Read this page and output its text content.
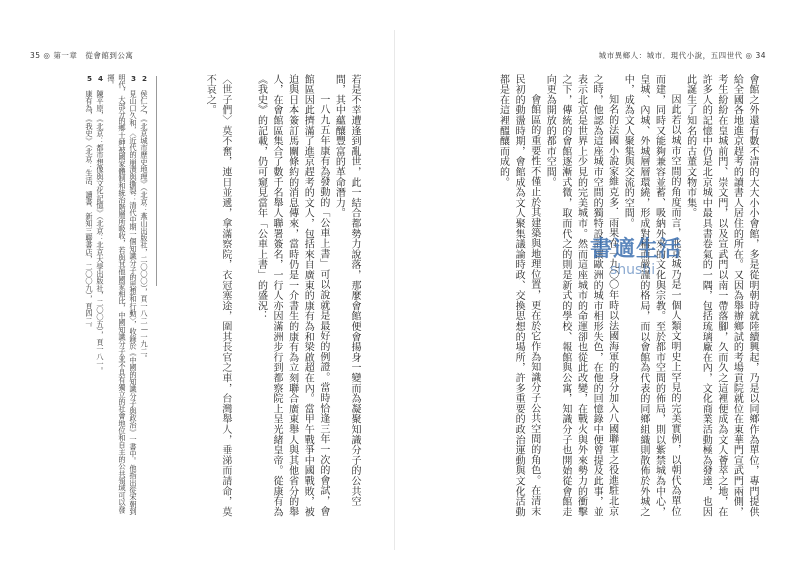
35 ◎ 第一章　從會館到公寓

若是不幸遭逢到亂世，此一結合都勢力說落，那麼會館便會揚身一變而為凝聚知識分子的公共空間，其中蘊釀豐富的革命潛力。

一八九五年康有為發動的「公車上書」可以說就是最好的例證。當時恰逢三年一次的會試，會館區因此擠滿了進京趕考的文人，包括來自廣東的康有為和梁啟超在內。當甲午戰爭中國戰敗，被迫與日本簽訂馬關條約的消息傳來，當時仍是一介書生的康有為立刻聯合廣東舉人與其他省分的舉人，在會館區集合了數千名舉人聯署簽名，一行人亦因滿洲步行到都察院上呈光緒皇帝。從康有為《我史》的記載，仍可窺見當年「公車上書」的盛況：

〈世子們〉莫不奮，連日並遞，拿滿察院，衣冠塞途，圍其長官之車，台灣舉人，垂涕而請命，莫不哀之。

2　侯仁之，《北京城市歷史地理》（北京：燕山出版社，二〇〇〇），頁一八二—一九二。

3　見山口久和，〈近代的崩潰與撕裂：清代中期一個知識分子的思想和行動〉，收錄於《中國的知識分子與政治》一書中。他指出從宋朝到明代，大部分的鄉士紳被國家體制和統治階層所吸收，若與其他國家相比，中國知識分子並不具有獨立的社會地位和自主的公共領域可以發揮。

4　陳平原，《北京：都市想像與文化記憶》（北京：北京大學出版社，二〇〇五），頁一八一。

5　康有為，《我史》（北京：生活．讀書．新知三聯書店，二〇〇九），頁四二。

城市異鄉人：城市．現代小說，五四世代 ◎ 34

會館之外還有數不清的大大小小會館，多是從明朝時就陸續興起，乃是以同鄉作為單位，專門提供給全國各地進京趕考的讀書人居住的所在。又因為舉辦鄉試的考場貢院就位在東華門宣武門兩側，考生紛紛在皇城前門、崇文門，以及宣武門以南一帶落腳，久而久之這裡便成為文人薈萃之地，在許多人的記憶中仍是北京城中最具書卷氣的一隅，包括琉璃廠在內，文化商業活動極為發達，也因此誕生了知名的古董文物市集。

因此若以城市空間的角度而言，北京城乃是一個人類文明史上罕見的完美實例，以朝代為單位而建，同時又能夠兼容並蓄、吸納外來的文化與宗教。至於都市空間的佈局，則以紫禁城為中心，皇城、內城、外城層層環繞，形成對稱而嚴謹的格局，而以會館為代表的同鄉組織則散佈於外城之中，成為文人聚集與交流的空間。

知名的法國小說家維克多．雨果在一九〇〇年時以法國海軍的身分加入八國聯軍之役進駐北京之時，他認為這座城市空間的獨特設計讓歐洲的城市相形失色，在他的回憶錄中便曾提及此事，並表示北京是世界上少見的完美城市。然而這座城市的命運卻也從此改變，在戰火與外來勢力的衝擊之下，傳統的會館逐漸式微，取而代之的則是新式的學校、報館與公寓，知識分子也開始從會館走向更為開放的都市空間。

會館區的重要性不僅止於其建築與地理位置，更在於它作為知識分子公共空間的角色。在清末民初的動盪時期，會館成為文人聚集議論時政、交換思想的場所，許多重要的政治運動與文化活動都是在這裡醞釀而成的。

書適生活
shushi
